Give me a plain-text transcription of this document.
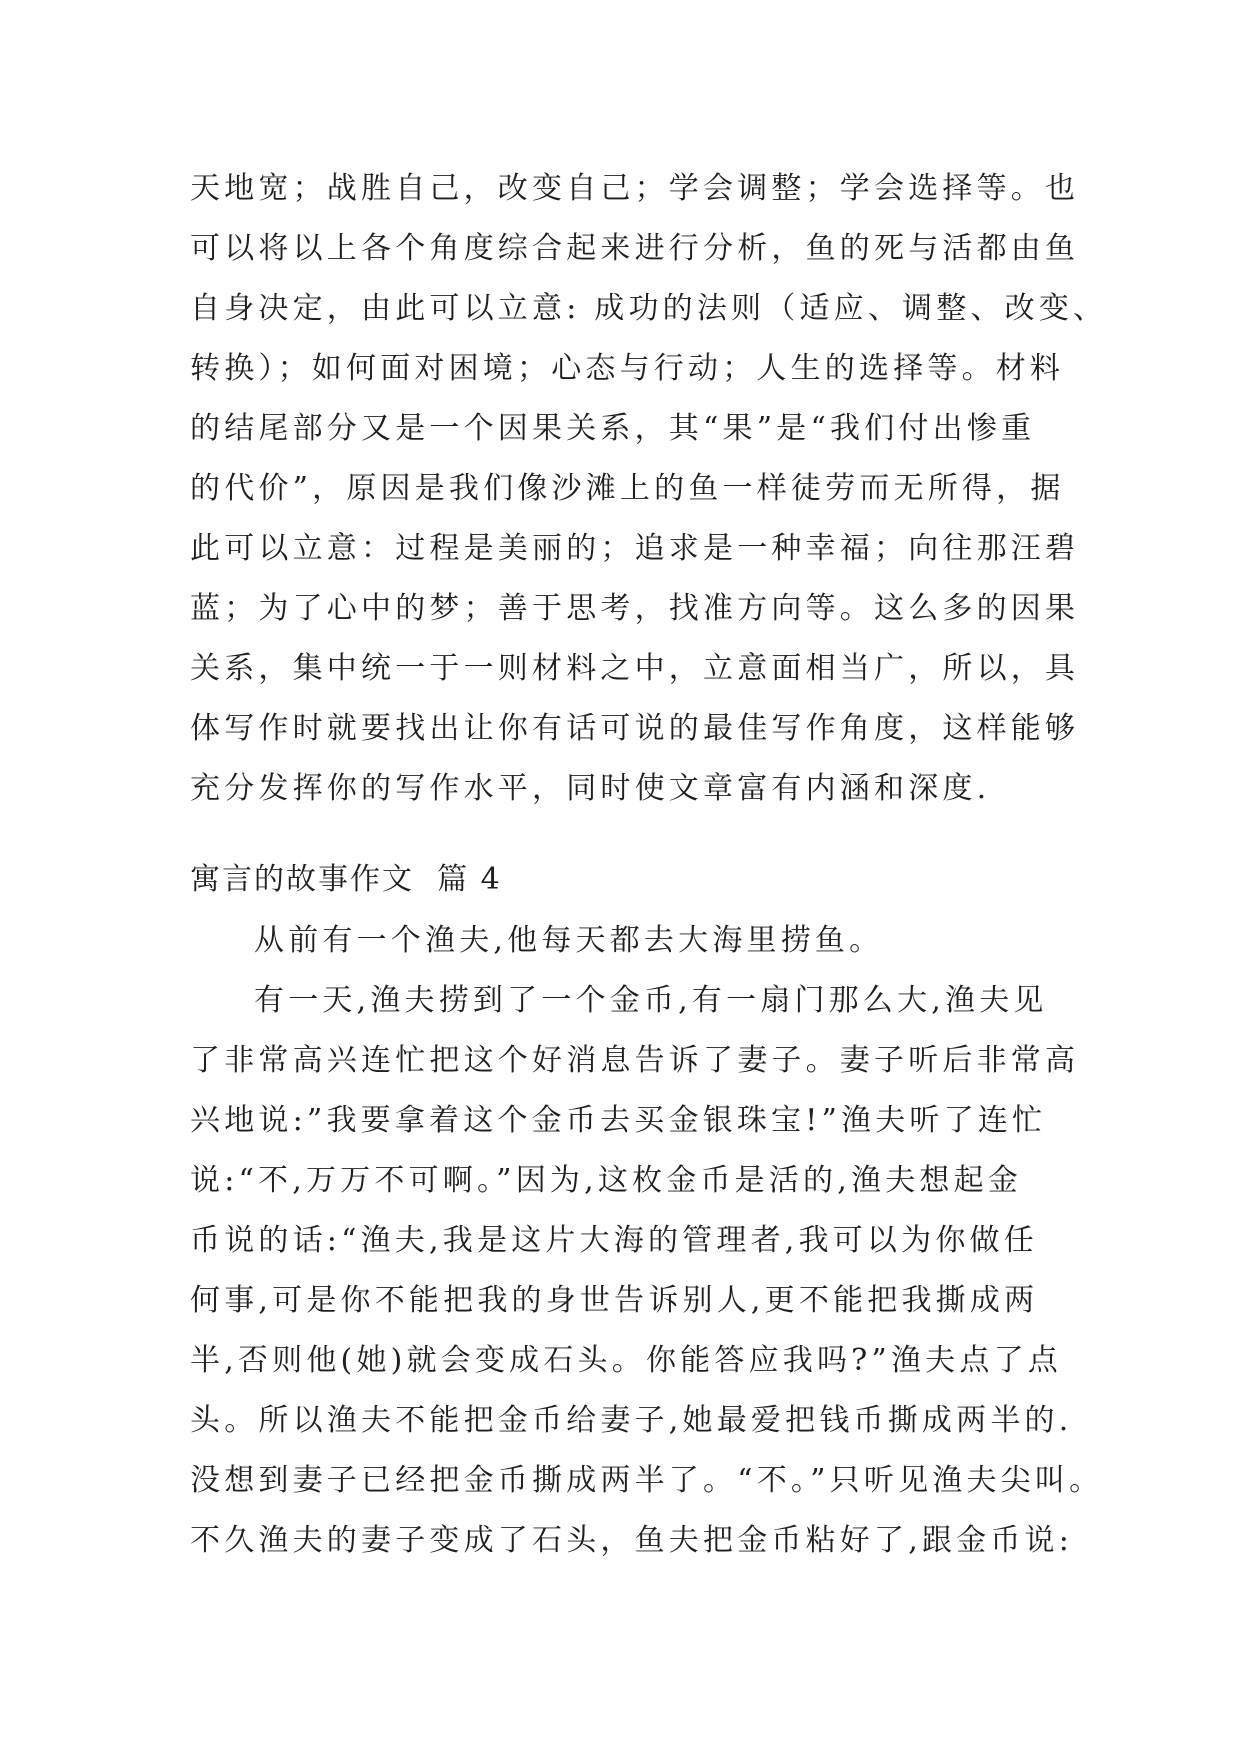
天地宽；战胜自己，改变自己；学会调整；学会选择等。也
可以将以上各个角度综合起来进行分析，鱼的死与活都由鱼
自身决定，由此可以立意: 成功的法则（适应、调整、改变、
转换）；如何面对困境；心态与行动；人生的选择等。材料
的结尾部分又是一个因果关系，其“果”是“我们付出惨重
的代价”，原因是我们像沙滩上的鱼一样徒劳而无所得，据
此可以立意：过程是美丽的；追求是一种幸福；向往那汪碧
蓝；为了心中的梦；善于思考，找准方向等。这么多的因果
关系，集中统一于一则材料之中，立意面相当广，所以，具
体写作时就要找出让你有话可说的最佳写作角度，这样能够
充分发挥你的写作水平，同时使文章富有内涵和深度.
寓言的故事作文  篇 4
从前有一个渔夫,他每天都去大海里捞鱼。
有一天,渔夫捞到了一个金币,有一扇门那么大,渔夫见
了非常高兴连忙把这个好消息告诉了妻子。妻子听后非常高
兴地说:”我要拿着这个金币去买金银珠宝!”渔夫听了连忙
说:“不,万万不可啊。”因为,这枚金币是活的,渔夫想起金
币说的话:“渔夫,我是这片大海的管理者,我可以为你做任
何事,可是你不能把我的身世告诉别人,更不能把我撕成两
半,否则他(她)就会变成石头。你能答应我吗?”渔夫点了点
头。所以渔夫不能把金币给妻子,她最爱把钱币撕成两半的.
没想到妻子已经把金币撕成两半了。“不。”只听见渔夫尖叫。
不久渔夫的妻子变成了石头，鱼夫把金币粘好了,跟金币说:
